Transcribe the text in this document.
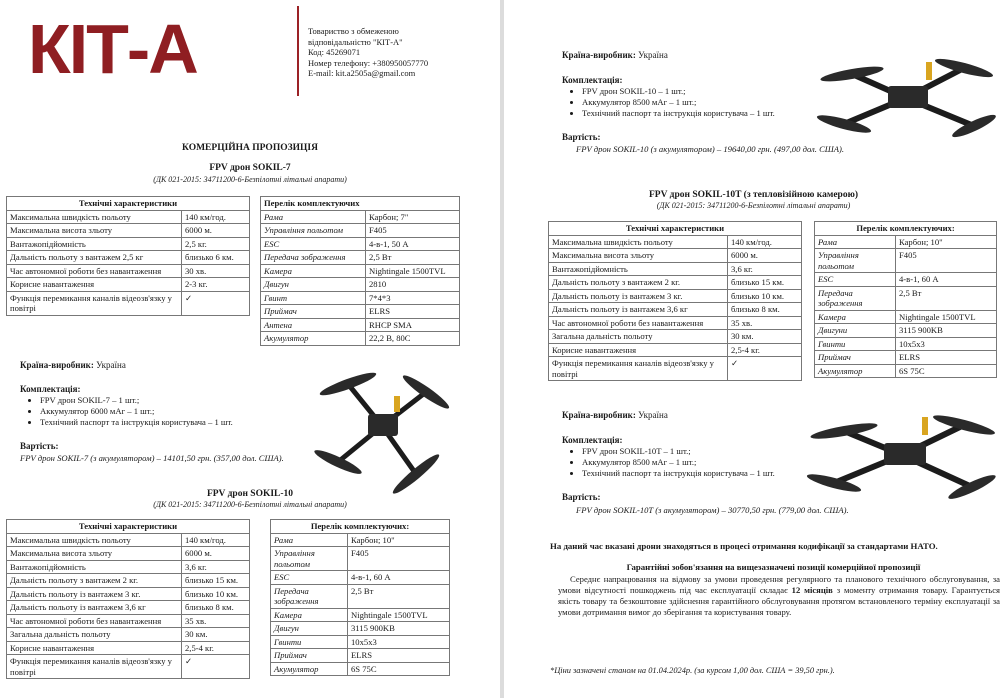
КІТ-А	Товариство з обмеженою
відповідальністю "КІТ-А"
Код: 45269071
Номер телефону: +380950057770
E-mail: kit.a2505a@gmail.com
КОМЕРЦІЙНА ПРОПОЗИЦІЯ
FPV дрон SOKIL-7
(ДК 021-2015: 34711200-6-Безпілотні літальні апарати)
Технічні характеристики	
Максимальна швидкість польоту	140 км/год.
Максимальна висота зльоту	6000 м.
Вантажопідйомність	2,5 кг.
Дальність польоту з вантажем 2,5 кг	близько 6 км.
Час автономної роботи без навантаження	30 хв.
Корисне навантаження	2-3 кг.
Функція перемикання каналів відеозв'язку у повітрі	✓
Перелік комплектуючих	
Рама	Карбон; 7"
Управління польотом	F405
ESC	4-в-1, 50 A
Передача зображення	2,5 Вт
Камера	Nightingale 1500TVL
Двигун	2810
Гвинт	7*4*3
Приймач	ELRS
Антена	RHCP SMA
Акумулятор	22,2 В, 80С
Країна-виробник: Україна
Комплектація:
• FPV дрон SOKIL-7 – 1 шт.;
• Аккумулятор 6000 мАг – 1 шт.;
• Технічний паспорт та інструкція користувача – 1 шт.
Вартість:
FPV дрон SOKIL-7 (з акумулятором) – 14101,50 грн. (357,00 дол. США).
FPV дрон SOKIL-10
(ДК 021-2015: 34711200-6-Безпілотні літальні апарати)
Технічні характеристики	
Максимальна швидкість польоту	140 км/год.
Максимальна висота зльоту	6000 м.
Вантажопідйомність	3,6 кг.
Дальність польоту з вантажем 2 кг.	близько 15 км.
Дальність польоту із вантажем 3 кг.	близько 10 км.
Дальність польоту із вантажем 3,6 кг	близько 8 км.
Час автономної роботи без навантаження	35 хв.
Загальна дальність польоту	30 км.
Корисне навантаження	2,5-4 кг.
Функція перемикання каналів відеозв'язку у повітрі	✓
Перелік комплектуючих:	
Рама	Карбон; 10"
Управління польотом	F405
ESC	4-в-1, 60 А
Передача зображення	2,5 Вт
Камера	Nightingale 1500TVL
Двигун	3115 900KB
Гвинти	10x5x3
Приймач	ELRS
Акумулятор	6S 75С
Країна-виробник: Україна
Комплектація:
• FPV дрон SOKIL-10 – 1 шт.;
• Аккумулятор 8500 мАг – 1 шт.;
• Технічний паспорт та інструкція користувача – 1 шт.
Вартість:
FPV дрон SOKIL-10 (з акумулятором) – 19640,00 грн. (497,00 дол. США).
FPV дрон SOKIL-10T (з тепловізійною камерою)
(ДК 021-2015: 34711200-6-Безпілотні літальні апарати)
Технічні характеристики	
Максимальна швидкість польоту	140 км/год.
Максимальна висота зльоту	6000 м.
Вантажопідйомність	3,6 кг.
Дальність польоту з вантажем 2 кг.	близько 15 км.
Дальність польоту із вантажем 3 кг.	близько 10 км.
Дальність польоту із вантажем 3,6 кг	близько 8 км.
Час автономної роботи без навантаження	35 хв.
Загальна дальність польоту	30 км.
Корисне навантаження	2,5-4 кг.
Функція перемикання каналів відеозв'язку у повітрі	✓
Перелік комплектуючих:	
Рама	Карбон; 10"
Управління польотом	F405
ESC	4-в-1, 60 А
Передача зображення	2,5 Вт
Камера	Nightingale 1500TVL
Двигуни	3115 900KB
Гвинти	10x5x3
Приймач	ELRS
Акумулятор	6S 75С
Країна-виробник: Україна
Комплектація:
• FPV дрон SOKIL-10T – 1 шт.;
• Аккумулятор 8500 мАг – 1 шт.;
• Технічний паспорт та інструкція користувача – 1 шт.
Вартість:
FPV дрон SOKIL-10T (з акумулятором) – 30770,50 грн. (779,00 дол. США).
На даний час вказані дрони знаходяться в процесі отримання кодифікації за стандартами НАТО.
Гарантійні зобов'язання на вищезазначені позиції комерційної пропозиції
Середнє напрацювання на відмову за умови проведення регулярного та планового технічного обслуговування, за умови відсутності пошкоджень під час експлуатації складає 12 місяців з моменту отримання товару. Гарантується якість товару та безкоштовне здійснення гарантійного обслуговування протягом встановленого терміну експлуатації за умови дотримання вимог до зберігання та користування товару.
*Ціни зазначені станом на 01.04.2024р. (за курсом 1,00 дол. США = 39,50 грн.).
